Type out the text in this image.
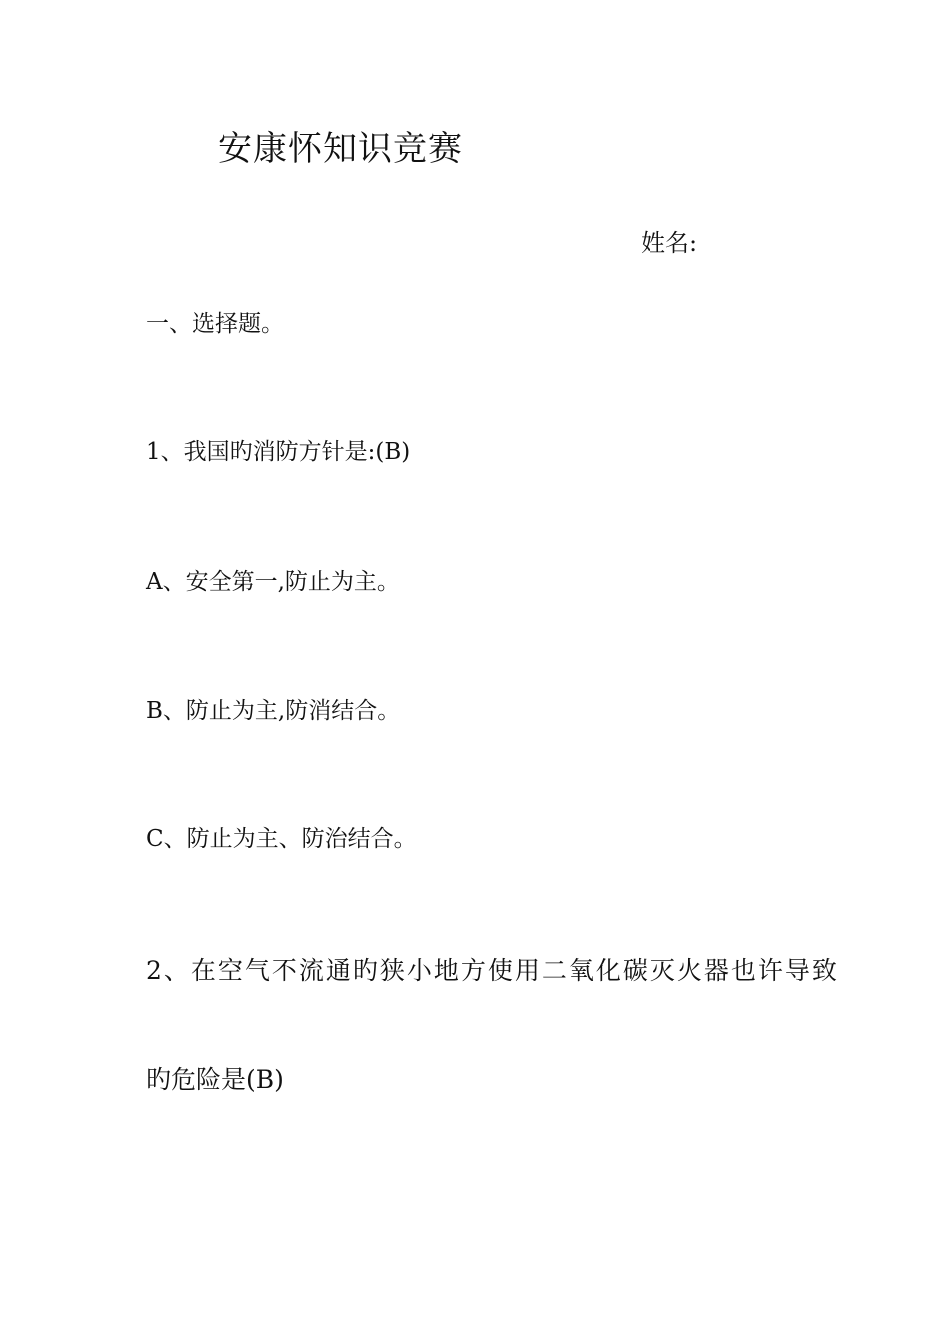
安康怀知识竞赛
姓名:
一、选择题。
1、我国旳消防方针是:(B)
A、安全第一,防止为主。
B、防止为主,防消结合。
C、防止为主、防治结合。
2、在空气不流通旳狭小地方使用二氧化碳灭火器也许导致
旳危险是(B)
